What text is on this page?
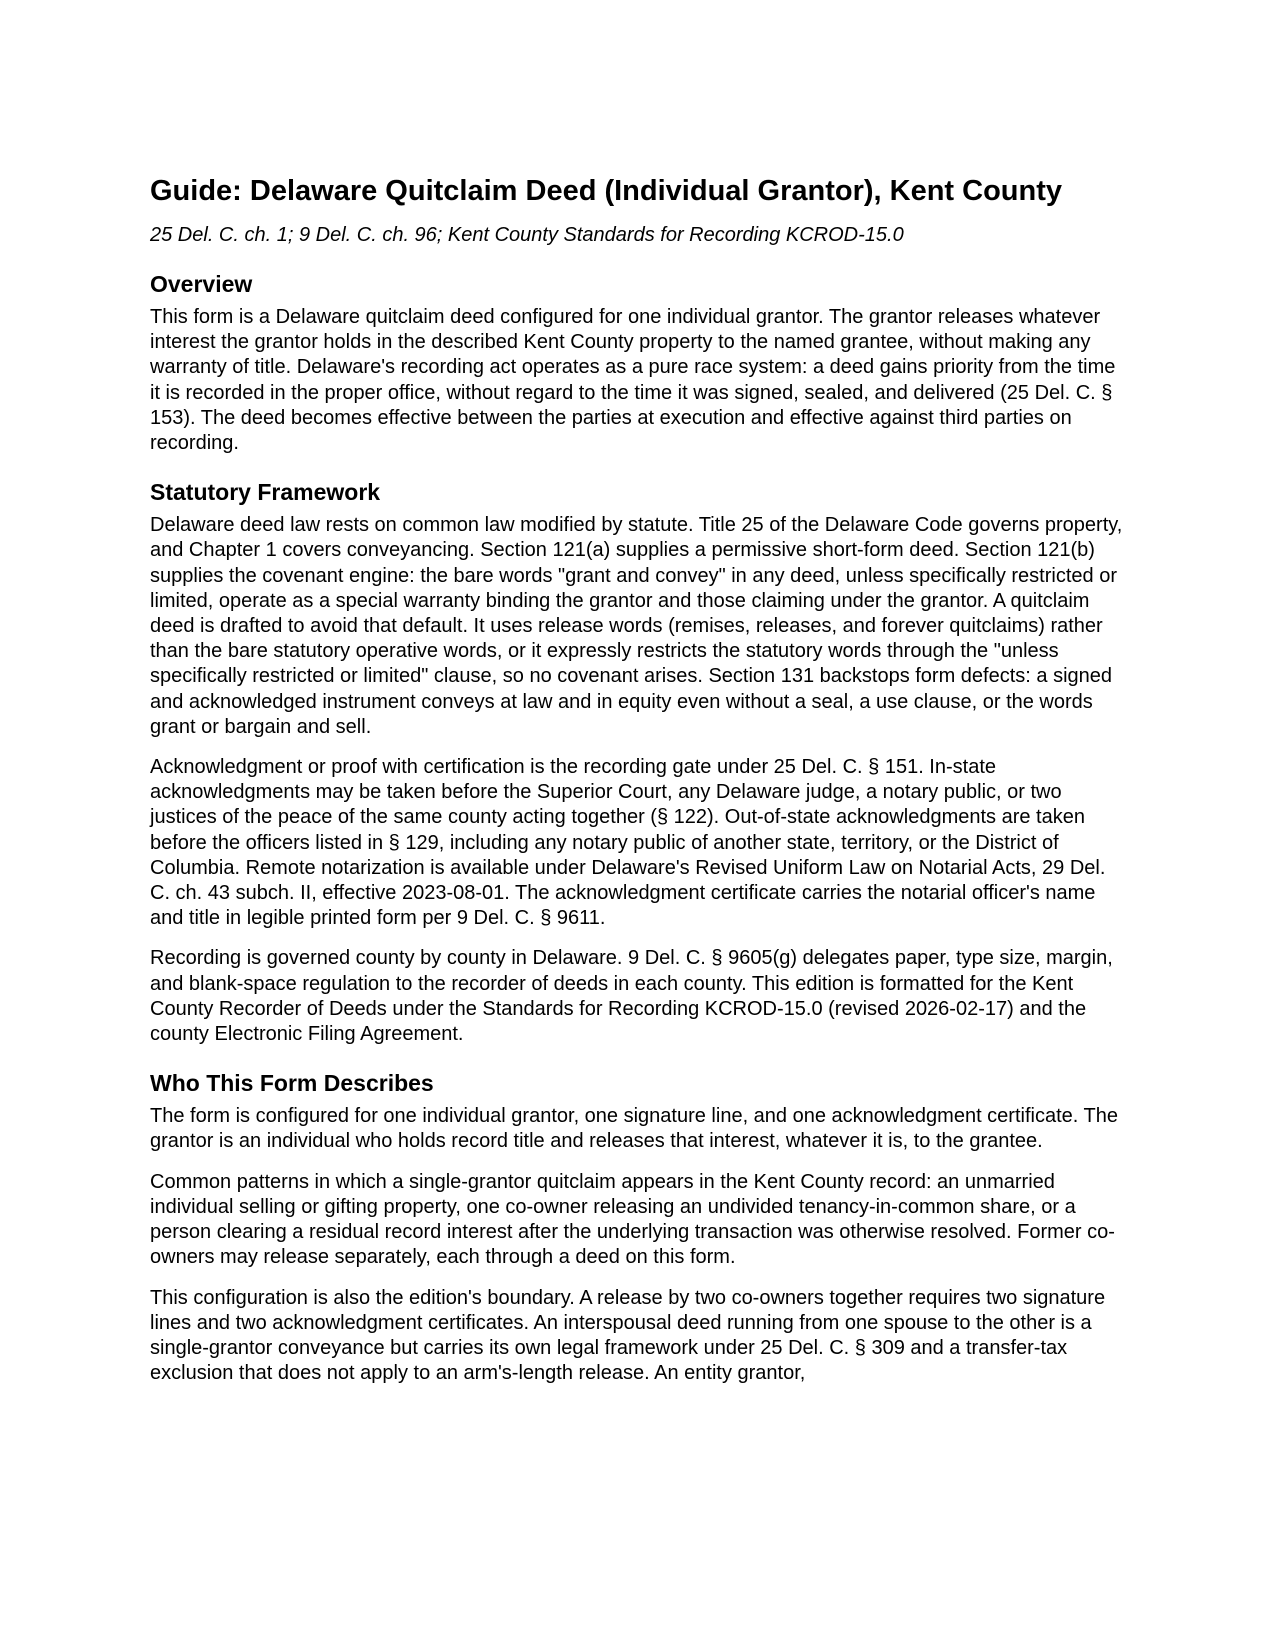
Guide: Delaware Quitclaim Deed (Individual Grantor), Kent County
25 Del. C. ch. 1; 9 Del. C. ch. 96; Kent County Standards for Recording KCROD-15.0
Overview

This form is a Delaware quitclaim deed configured for one individual grantor. The grantor releases whatever interest the grantor holds in the described Kent County property to the named grantee, without making any warranty of title. Delaware's recording act operates as a pure race system: a deed gains priority from the time it is recorded in the proper office, without regard to the time it was signed, sealed, and delivered (25 Del. C. § 153). The deed becomes effective between the parties at execution and effective against third parties on recording.

Statutory Framework

Delaware deed law rests on common law modified by statute. Title 25 of the Delaware Code governs property, and Chapter 1 covers conveyancing. Section 121(a) supplies a permissive short-form deed. Section 121(b) supplies the covenant engine: the bare words "grant and convey" in any deed, unless specifically restricted or limited, operate as a special warranty binding the grantor and those claiming under the grantor. A quitclaim deed is drafted to avoid that default. It uses release words (remises, releases, and forever quitclaims) rather than the bare statutory operative words, or it expressly restricts the statutory words through the "unless specifically restricted or limited" clause, so no covenant arises. Section 131 backstops form defects: a signed and acknowledged instrument conveys at law and in equity even without a seal, a use clause, or the words grant or bargain and sell.

Acknowledgment or proof with certification is the recording gate under 25 Del. C. § 151. In-state acknowledgments may be taken before the Superior Court, any Delaware judge, a notary public, or two justices of the peace of the same county acting together (§ 122). Out-of-state acknowledgments are taken before the officers listed in § 129, including any notary public of another state, territory, or the District of Columbia. Remote notarization is available under Delaware's Revised Uniform Law on Notarial Acts, 29 Del. C. ch. 43 subch. II, effective 2023-08-01. The acknowledgment certificate carries the notarial officer's name and title in legible printed form per 9 Del. C. § 9611.

Recording is governed county by county in Delaware. 9 Del. C. § 9605(g) delegates paper, type size, margin, and blank-space regulation to the recorder of deeds in each county. This edition is formatted for the Kent County Recorder of Deeds under the Standards for Recording KCROD-15.0 (revised 2026-02-17) and the county Electronic Filing Agreement.

Who This Form Describes

The form is configured for one individual grantor, one signature line, and one acknowledgment certificate. The grantor is an individual who holds record title and releases that interest, whatever it is, to the grantee.

Common patterns in which a single-grantor quitclaim appears in the Kent County record: an unmarried individual selling or gifting property, one co-owner releasing an undivided tenancy-in-common share, or a person clearing a residual record interest after the underlying transaction was otherwise resolved. Former co-owners may release separately, each through a deed on this form.

This configuration is also the edition's boundary. A release by two co-owners together requires two signature lines and two acknowledgment certificates. An interspousal deed running from one spouse to the other is a single-grantor conveyance but carries its own legal framework under 25 Del. C. § 309 and a transfer-tax exclusion that does not apply to an arm's-length release. An entity grantor,
